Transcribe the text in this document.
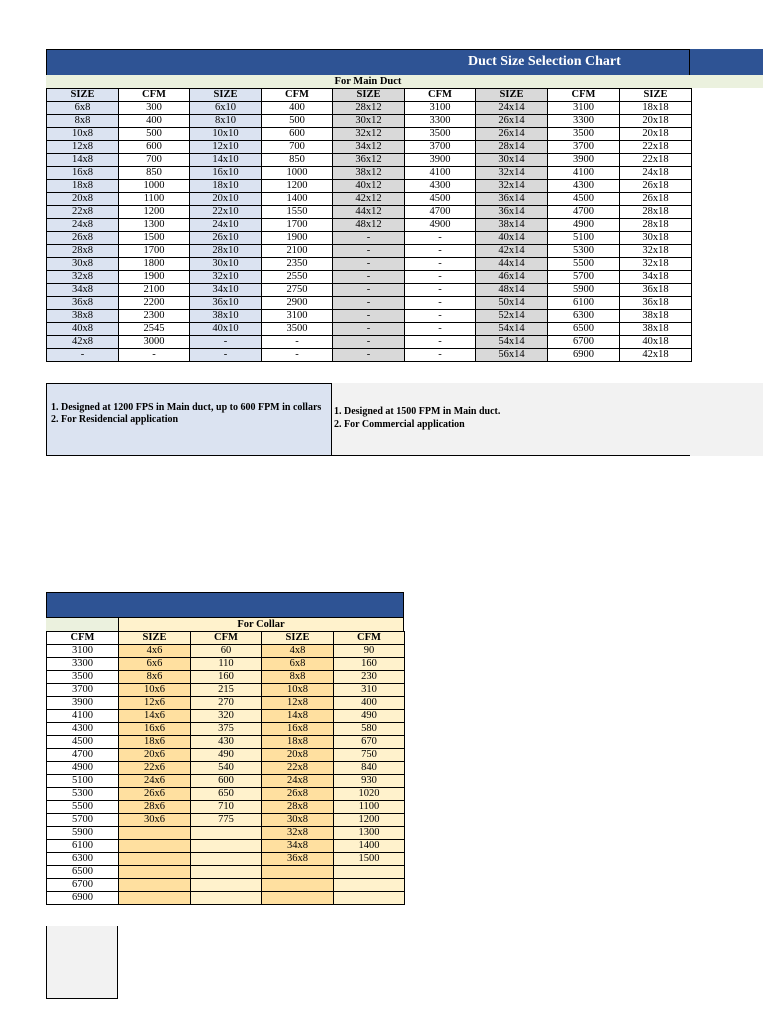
Duct Size Selection Chart
For Main Duct
SIZE	CFM	SIZE	CFM	SIZE	CFM	SIZE	CFM	SIZE
6x8	300	6x10	400	28x12	3100	24x14	3100	18x18
8x8	400	8x10	500	30x12	3300	26x14	3300	20x18
10x8	500	10x10	600	32x12	3500	26x14	3500	20x18
12x8	600	12x10	700	34x12	3700	28x14	3700	22x18
14x8	700	14x10	850	36x12	3900	30x14	3900	22x18
16x8	850	16x10	1000	38x12	4100	32x14	4100	24x18
18x8	1000	18x10	1200	40x12	4300	32x14	4300	26x18
20x8	1100	20x10	1400	42x12	4500	36x14	4500	26x18
22x8	1200	22x10	1550	44x12	4700	36x14	4700	28x18
24x8	1300	24x10	1700	48x12	4900	38x14	4900	28x18
26x8	1500	26x10	1900	-	-	40x14	5100	30x18
28x8	1700	28x10	2100	-	-	42x14	5300	32x18
30x8	1800	30x10	2350	-	-	44x14	5500	32x18
32x8	1900	32x10	2550	-	-	46x14	5700	34x18
34x8	2100	34x10	2750	-	-	48x14	5900	36x18
36x8	2200	36x10	2900	-	-	50x14	6100	36x18
38x8	2300	38x10	3100	-	-	52x14	6300	38x18
40x8	2545	40x10	3500	-	-	54x14	6500	38x18
42x8	3000	-	-	-	-	54x14	6700	40x18
-	-	-	-	-	-	56x14	6900	42x18
1. Designed at 1200 FPS in Main duct, up to 600 FPM in collars
2. For Residencial application
1. Designed at 1500 FPM in Main duct.
2. For Commercial application
For Collar
CFM	SIZE	CFM	SIZE	CFM
3100	4x6	60	4x8	90
3300	6x6	110	6x8	160
3500	8x6	160	8x8	230
3700	10x6	215	10x8	310
3900	12x6	270	12x8	400
4100	14x6	320	14x8	490
4300	16x6	375	16x8	580
4500	18x6	430	18x8	670
4700	20x6	490	20x8	750
4900	22x6	540	22x8	840
5100	24x6	600	24x8	930
5300	26x6	650	26x8	1020
5500	28x6	710	28x8	1100
5700	30x6	775	30x8	1200
5900			32x8	1300
6100			34x8	1400
6300			36x8	1500
6500				
6700				
6900				
